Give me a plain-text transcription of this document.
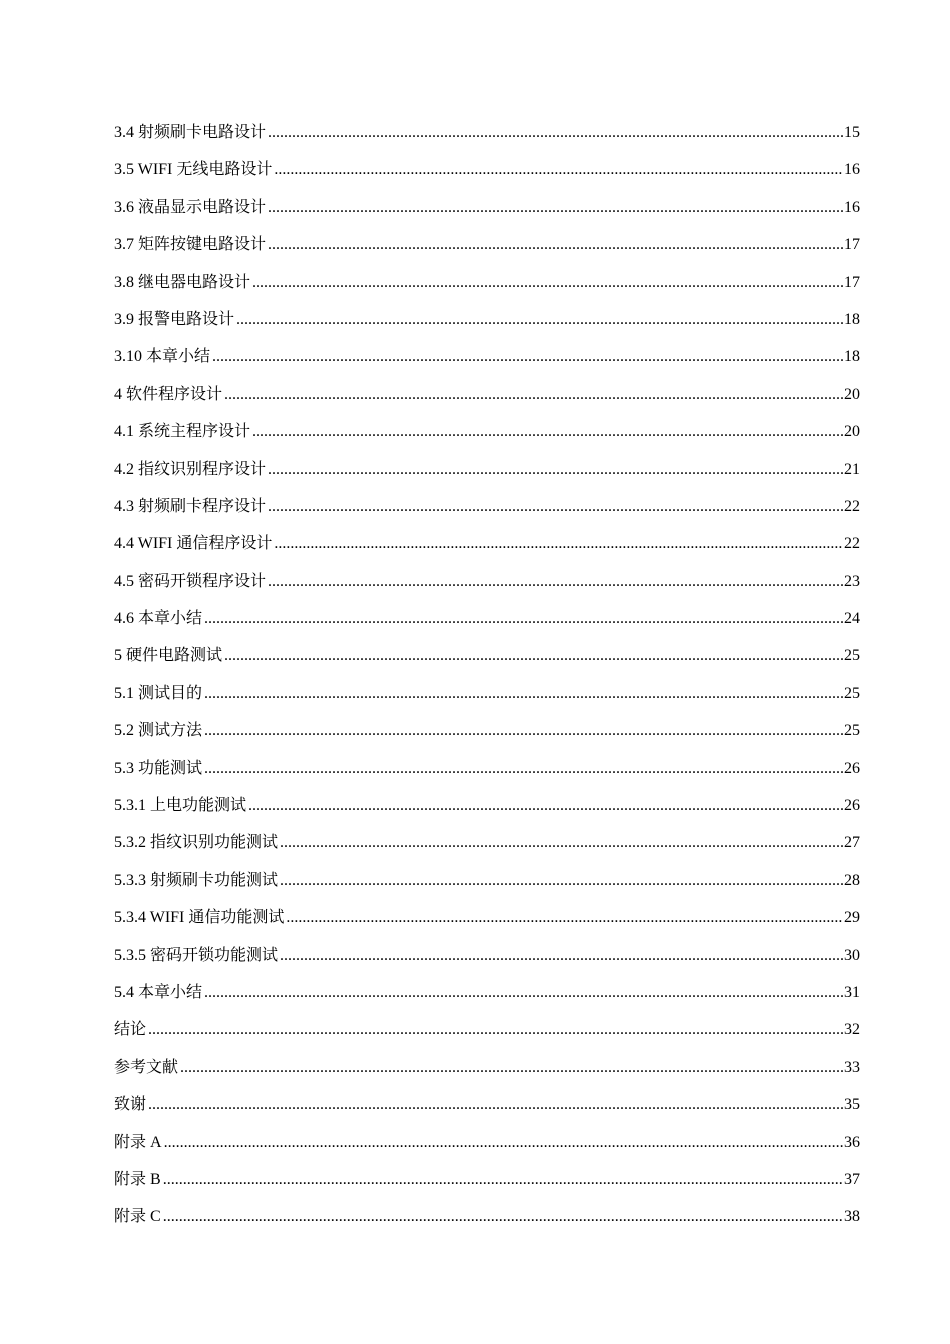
3.4 射频刷卡电路设计 .....	15
3.5 WIFI 无线电路设计 .....	16
3.6 液晶显示电路设计 .....	16
3.7 矩阵按键电路设计 .....	17
3.8 继电器电路设计 .....	17
3.9 报警电路设计 .....	18
3.10 本章小结 .....	18
4 软件程序设计 .....	20
4.1 系统主程序设计 .....	20
4.2 指纹识别程序设计 .....	21
4.3 射频刷卡程序设计 .....	22
4.4 WIFI 通信程序设计 .....	22
4.5 密码开锁程序设计 .....	23
4.6 本章小结 .....	24
5 硬件电路测试 .....	25
5.1 测试目的 .....	25
5.2 测试方法 .....	25
5.3 功能测试 .....	26
5.3.1 上电功能测试 .....	26
5.3.2 指纹识别功能测试 .....	27
5.3.3 射频刷卡功能测试 .....	28
5.3.4 WIFI 通信功能测试 .....	29
5.3.5 密码开锁功能测试 .....	30
5.4 本章小结 .....	31
结论 .....	32
参考文献 .....	33
致谢 .....	35
附录 A .....	36
附录 B .....	37
附录 C .....	38
